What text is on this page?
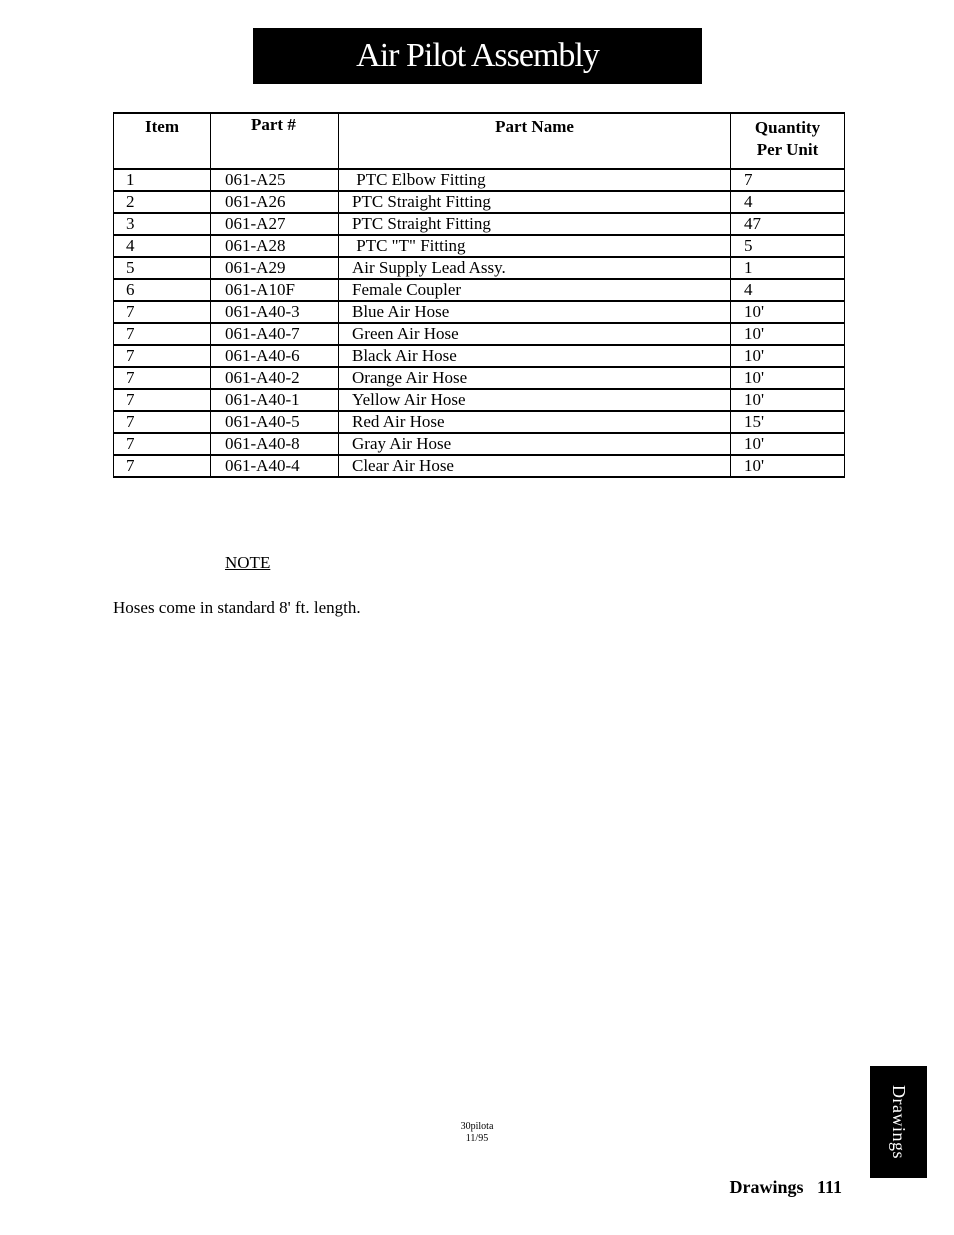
Air Pilot Assembly
Item	Part #	Part Name	Quantity
Per Unit
1	061-A25	PTC Elbow Fitting	7
2	061-A26	PTC Straight Fitting	4
3	061-A27	PTC Straight Fitting	47
4	061-A28	PTC "T" Fitting	5
5	061-A29	Air Supply Lead Assy.	1
6	061-A10F	Female Coupler	4
7	061-A40-3	Blue Air Hose	10'
7	061-A40-7	Green Air Hose	10'
7	061-A40-6	Black Air Hose	10'
7	061-A40-2	Orange Air Hose	10'
7	061-A40-1	Yellow Air Hose	10'
7	061-A40-5	Red Air Hose	15'
7	061-A40-8	Gray Air Hose	10'
7	061-A40-4	Clear Air Hose	10'
NOTE
Hoses come in standard 8' ft. length.
30pilota
11/95	Drawings
Drawings 111
